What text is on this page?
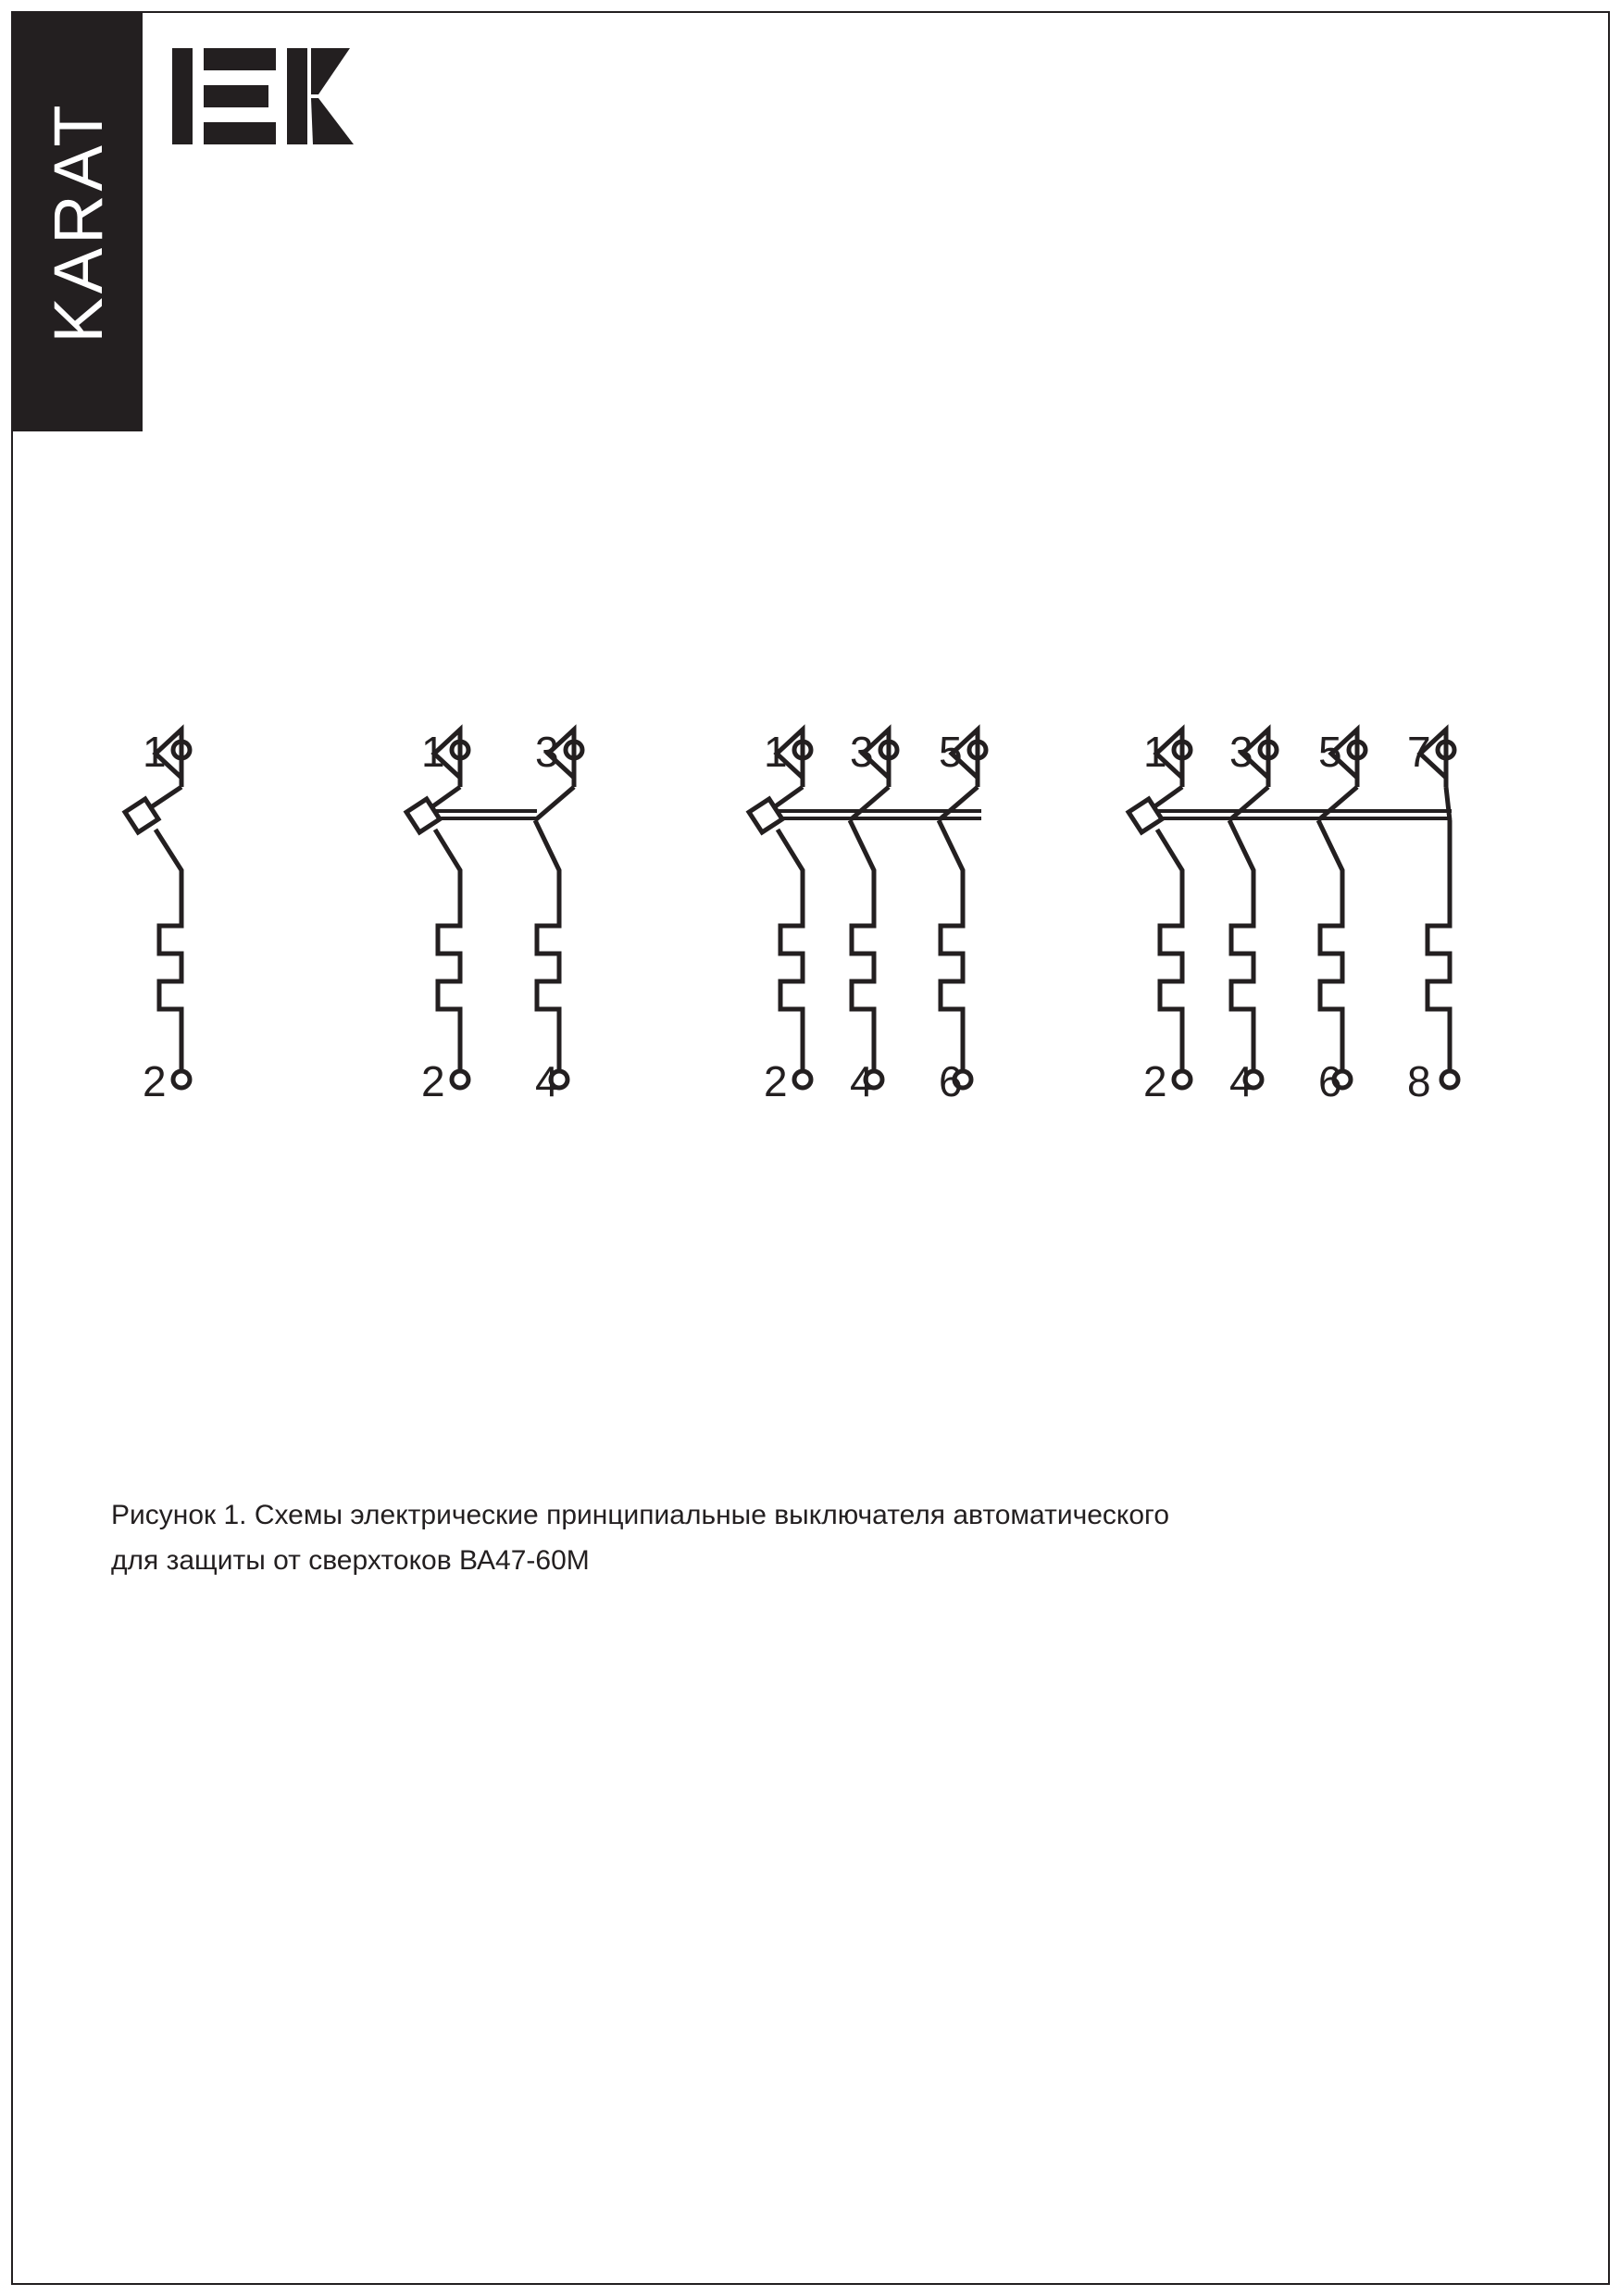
KARAT
1
2
1 3
2 4
1 3 5
2 4 6
1 3 5 7
2 4 6 8
Рисунок 1. Схемы электрические принципиальные выключателя автоматического
для защиты от сверхтоков ВА47-60М
